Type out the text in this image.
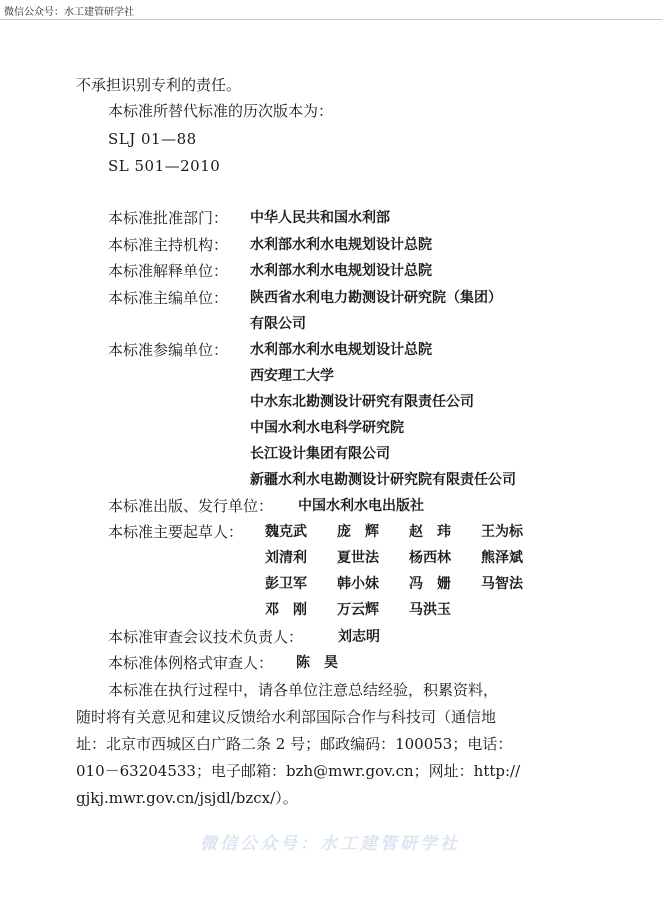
微信公众号：水工建管研学社
不承担识别专利的责任。
本标准所替代标准的历次版本为：
SLJ 01—88
SL 501—2010
本标准批准部门： 中华人民共和国水利部
本标准主持机构： 水利部水利水电规划设计总院
本标准解释单位： 水利部水利水电规划设计总院
本标准主编单位： 陕西省水利电力勘测设计研究院（集团）
有限公司
本标准参编单位： 水利部水利水电规划设计总院
西安理工大学
中水东北勘测设计研究有限责任公司
中国水利水电科学研究院
长江设计集团有限公司
新疆水利水电勘测设计研究院有限责任公司
本标准出版、发行单位： 中国水利水电出版社
本标准主要起草人： 魏克武 庞　辉 赵　玮 王为标
刘清利 夏世法 杨西林 熊泽斌
彭卫军 韩小妹 冯　姗 马智法
邓　刚 万云辉 马洪玉
本标准审查会议技术负责人： 刘志明
本标准体例格式审查人： 陈　昊
本标准在执行过程中，请各单位注意总结经验，积累资料，
随时将有关意见和建议反馈给水利部国际合作与科技司（通信地
址：北京市西城区白广路二条 2 号；邮政编码：100053；电话：
010－63204533；电子邮箱：bzh@mwr.gov.cn；网址：http://
gjkj.mwr.gov.cn/jsjdl/bzcx/）。
微信公众号：水工建管研学社
